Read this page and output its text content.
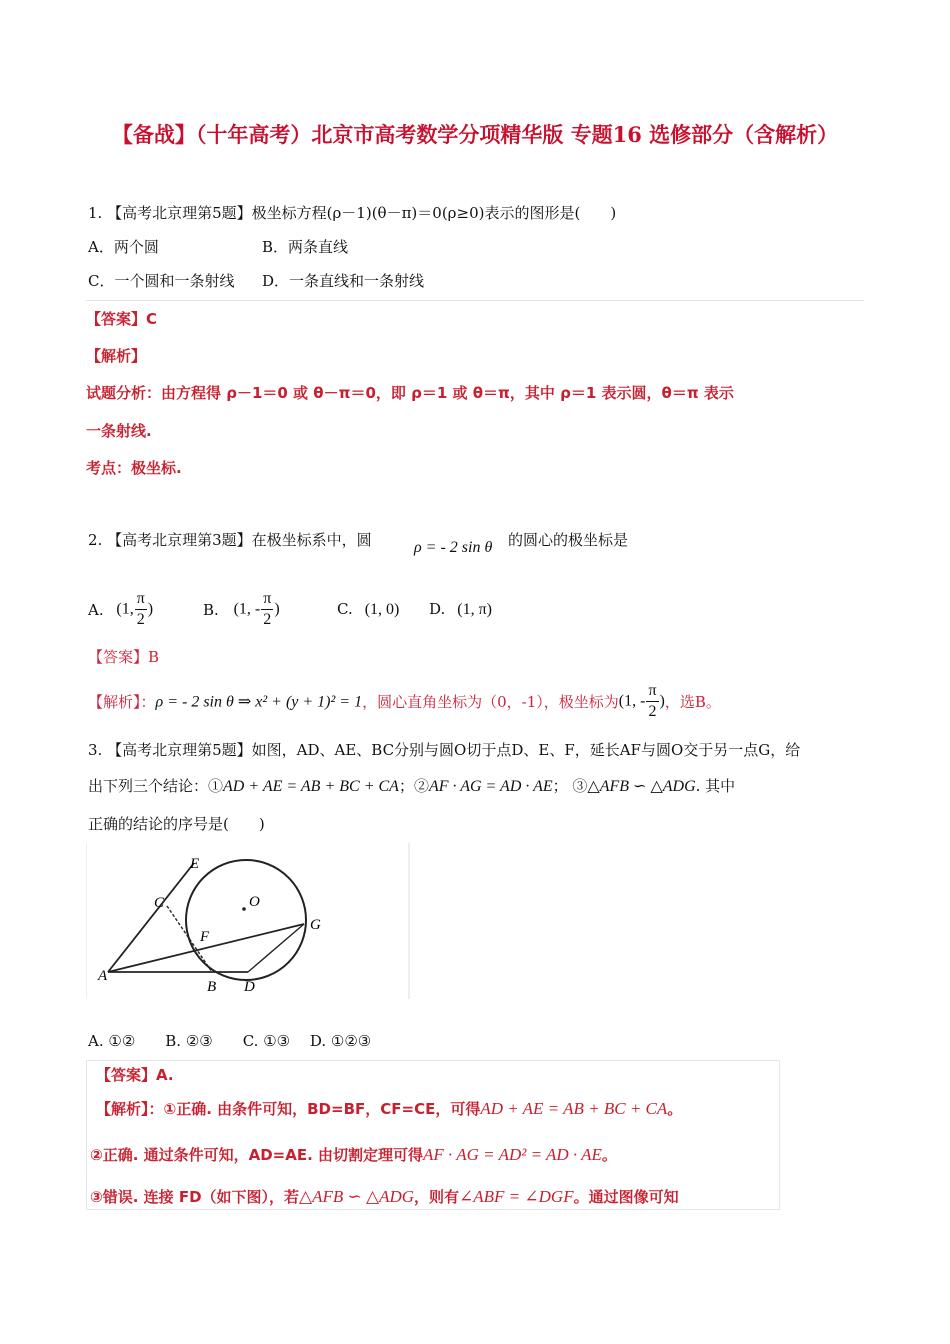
【备战】（十年高考）北京市高考数学分项精华版 专题16 选修部分（含解析）
1. 【高考北京理第5题】极坐标方程(ρ－1)(θ－π)＝0(ρ≥0)表示的图形是(　　)
A．两个圆	B．两条直线
C．一个圆和一条射线 D．一条直线和一条射线
【答案】C
【解析】
试题分析：由方程得 ρ－1＝0 或 θ－π＝0，即 ρ＝1 或 θ＝π，其中 ρ＝1 表示圆，θ＝π 表示
一条射线.
考点：极坐标.
2. 【高考北京理第3题】在极坐标系中，圆	ρ = - 2 sin θ 的圆心的极坐标是
A. (1, $\frac{\pi}{2}$ )	B. (1, - $\frac{\pi}{2}$ )	C. (1, 0) D. (1, π)
【答案】B
【解析】：ρ = - 2 sin θ ⇒ x² + (y + 1)² = 1，圆心直角坐标为（0，-1），极坐标为(1, - $\frac{\pi}{2}$ )，选B。
3. 【高考北京理第5题】如图，AD、AE、BC分别与圆O切于点D、E、F，延长AF与圆O交于另一点G，给
出下列三个结论：①AD + AE = AB + BC + CA；②AF · AG = AD · AE； ③△AFB ∽ △ADG. 其中
正确的结论的序号是(　　)
E
C	O
G
F
A
B D
A. ①②　　B. ②③　　C. ①③　 D. ①②③
【答案】A.
【解析】：①正确. 由条件可知，BD=BF，CF=CE，可得AD + AE = AB + BC + CA。
②正确. 通过条件可知，AD=AE. 由切割定理可得AF · AG = AD² = AD · AE。
③错误. 连接 FD（如下图），若△AFB ∽ △ADG，则有∠ABF = ∠DGF。通过图像可知
